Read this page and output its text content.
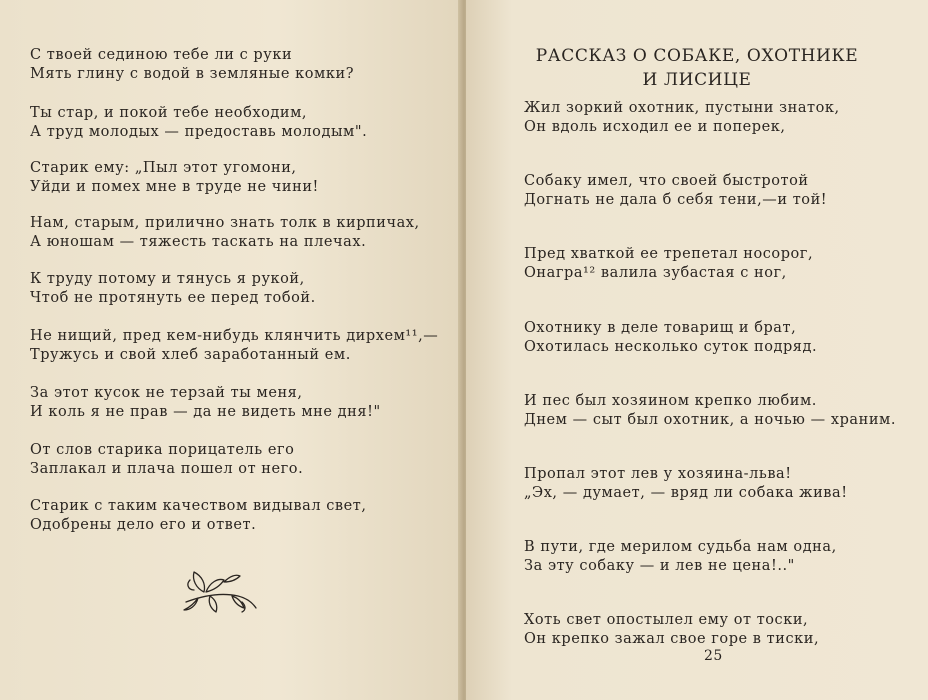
С твоей сединою тебе ли с руки
Мять глину с водой в земляные комки?
Ты стар, и покой тебе необходим,
А труд молодых — предоставь молодым".
Старик ему: „Пыл этот угомони,
Уйди и помех мне в труде не чини!
Нам, старым, прилично знать толк в кирпичах,
А юношам — тяжесть таскать на плечах.
К труду потому и тянусь я рукой,
Чтоб не протянуть ее перед тобой.
Не нищий, пред кем-нибудь клянчить дирхем¹¹,—
Тружусь и свой хлеб заработанный ем.
За этот кусок не терзай ты меня,
И коль я не прав — да не видеть мне дня!"
От слов старика порицатель его
Заплакал и плача пошел от него.
Старик с таким качеством видывал свет,
Одобрены дело его и ответ.
РАССКАЗ О СОБАКЕ, ОХОТНИКЕ
И ЛИСИЦЕ
Жил зоркий охотник, пустыни знаток,
Он вдоль исходил ее и поперек,
Собаку имел, что своей быстротой
Догнать не дала б себя тени,—и той!
Пред хваткой ее трепетал носорог,
Онагра¹² валила зубастая с ног,
Охотнику в деле товарищ и брат,
Охотилась несколько суток подряд.
И пес был хозяином крепко любим.
Днем — сыт был охотник, а ночью — храним.
Пропал этот лев у хозяина-льва!
„Эх, — думает, — вряд ли собака жива!
В пути, где мерилом судьба нам одна,
За эту собаку — и лев не цена!.."
Хоть свет опостылел ему от тоски,
Он крепко зажал свое горе в тиски,
25
